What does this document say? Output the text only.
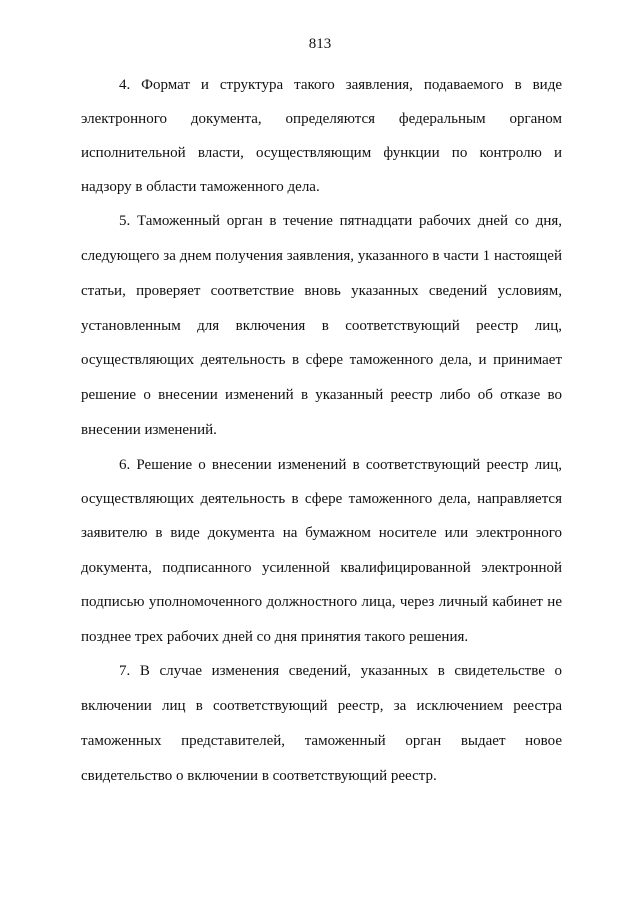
813
4. Формат и структура такого заявления, подаваемого в виде
электронного документа, определяются федеральным органом
исполнительной власти, осуществляющим функции по контролю и
надзору в области таможенного дела.
5. Таможенный орган в течение пятнадцати рабочих дней со дня,
следующего за днем получения заявления, указанного в части 1 настоящей
статьи, проверяет соответствие вновь указанных сведений условиям,
установленным для включения в соответствующий реестр лиц,
осуществляющих деятельность в сфере таможенного дела, и принимает
решение о внесении изменений в указанный реестр либо об отказе во
внесении изменений.
6. Решение о внесении изменений в соответствующий реестр лиц,
осуществляющих деятельность в сфере таможенного дела, направляется
заявителю в виде документа на бумажном носителе или электронного
документа, подписанного усиленной квалифицированной электронной
подписью уполномоченного должностного лица, через личный кабинет не
позднее трех рабочих дней со дня принятия такого решения.
7. В случае изменения сведений, указанных в свидетельстве о
включении лиц в соответствующий реестр, за исключением реестра
таможенных представителей, таможенный орган выдает новое
свидетельство о включении в соответствующий реестр.
